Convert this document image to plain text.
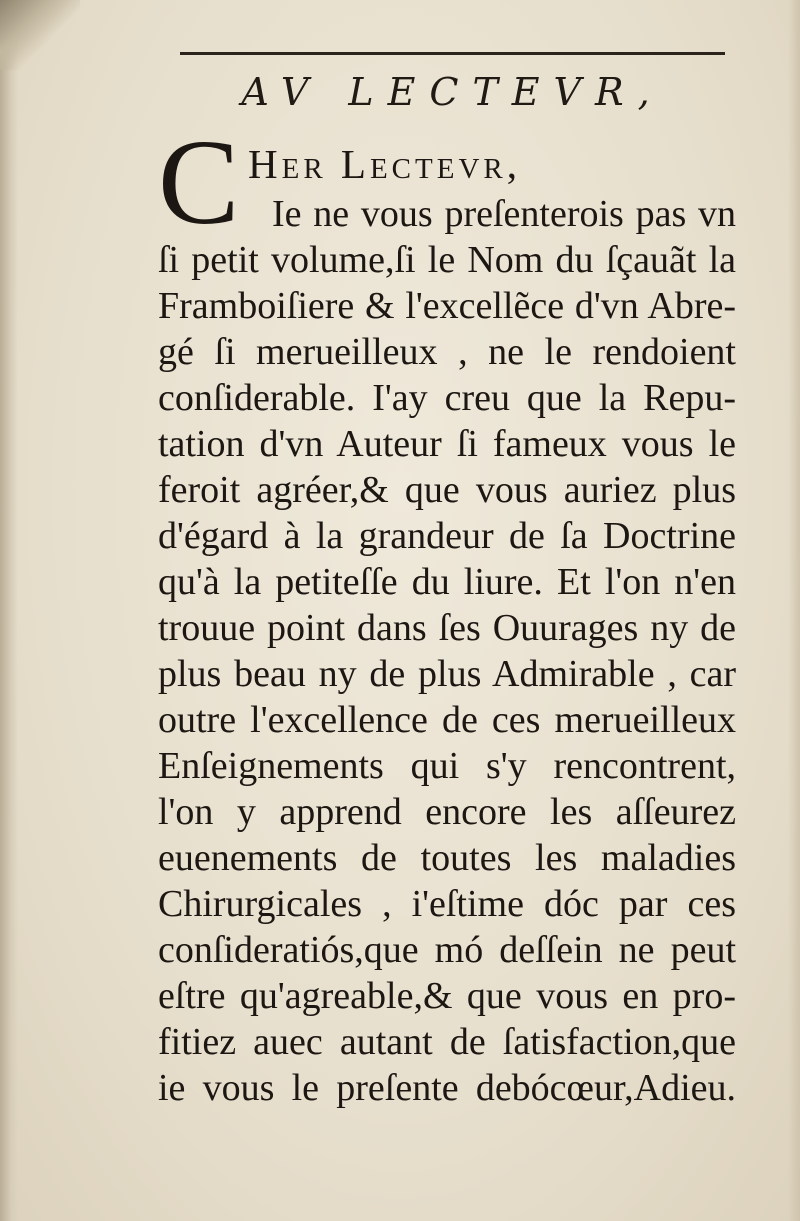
AV LECTEVR,
C Her Lectevr,
Ie ne vous preſenterois pas vn
ſi petit volume,ſi le Nom du ſçauãt la
Framboiſiere & l'excellẽce d'vn Abre-
gé ſi merueilleux , ne le rendoient
conſiderable. I'ay creu que la Repu-
tation d'vn Auteur ſi fameux vous le
feroit agréer,& que vous auriez plus
d'égard à la grandeur de ſa Doctrine
qu'à la petiteſſe du liure. Et l'on n'en
trouue point dans ſes Ouurages ny de
plus beau ny de plus Admirable , car
outre l'excellence de ces merueilleux
Enſeignements qui s'y rencontrent,
l'on y apprend encore les aſſeurez
euenements de toutes les maladies
Chirurgicales , i'eſtime dóc par ces
conſideratiós,que mó deſſein ne peut
eſtre qu'agreable,& que vous en pro-
fitiez auec autant de ſatisfaction,que
ie vous le preſente debócœur,Adieu.
